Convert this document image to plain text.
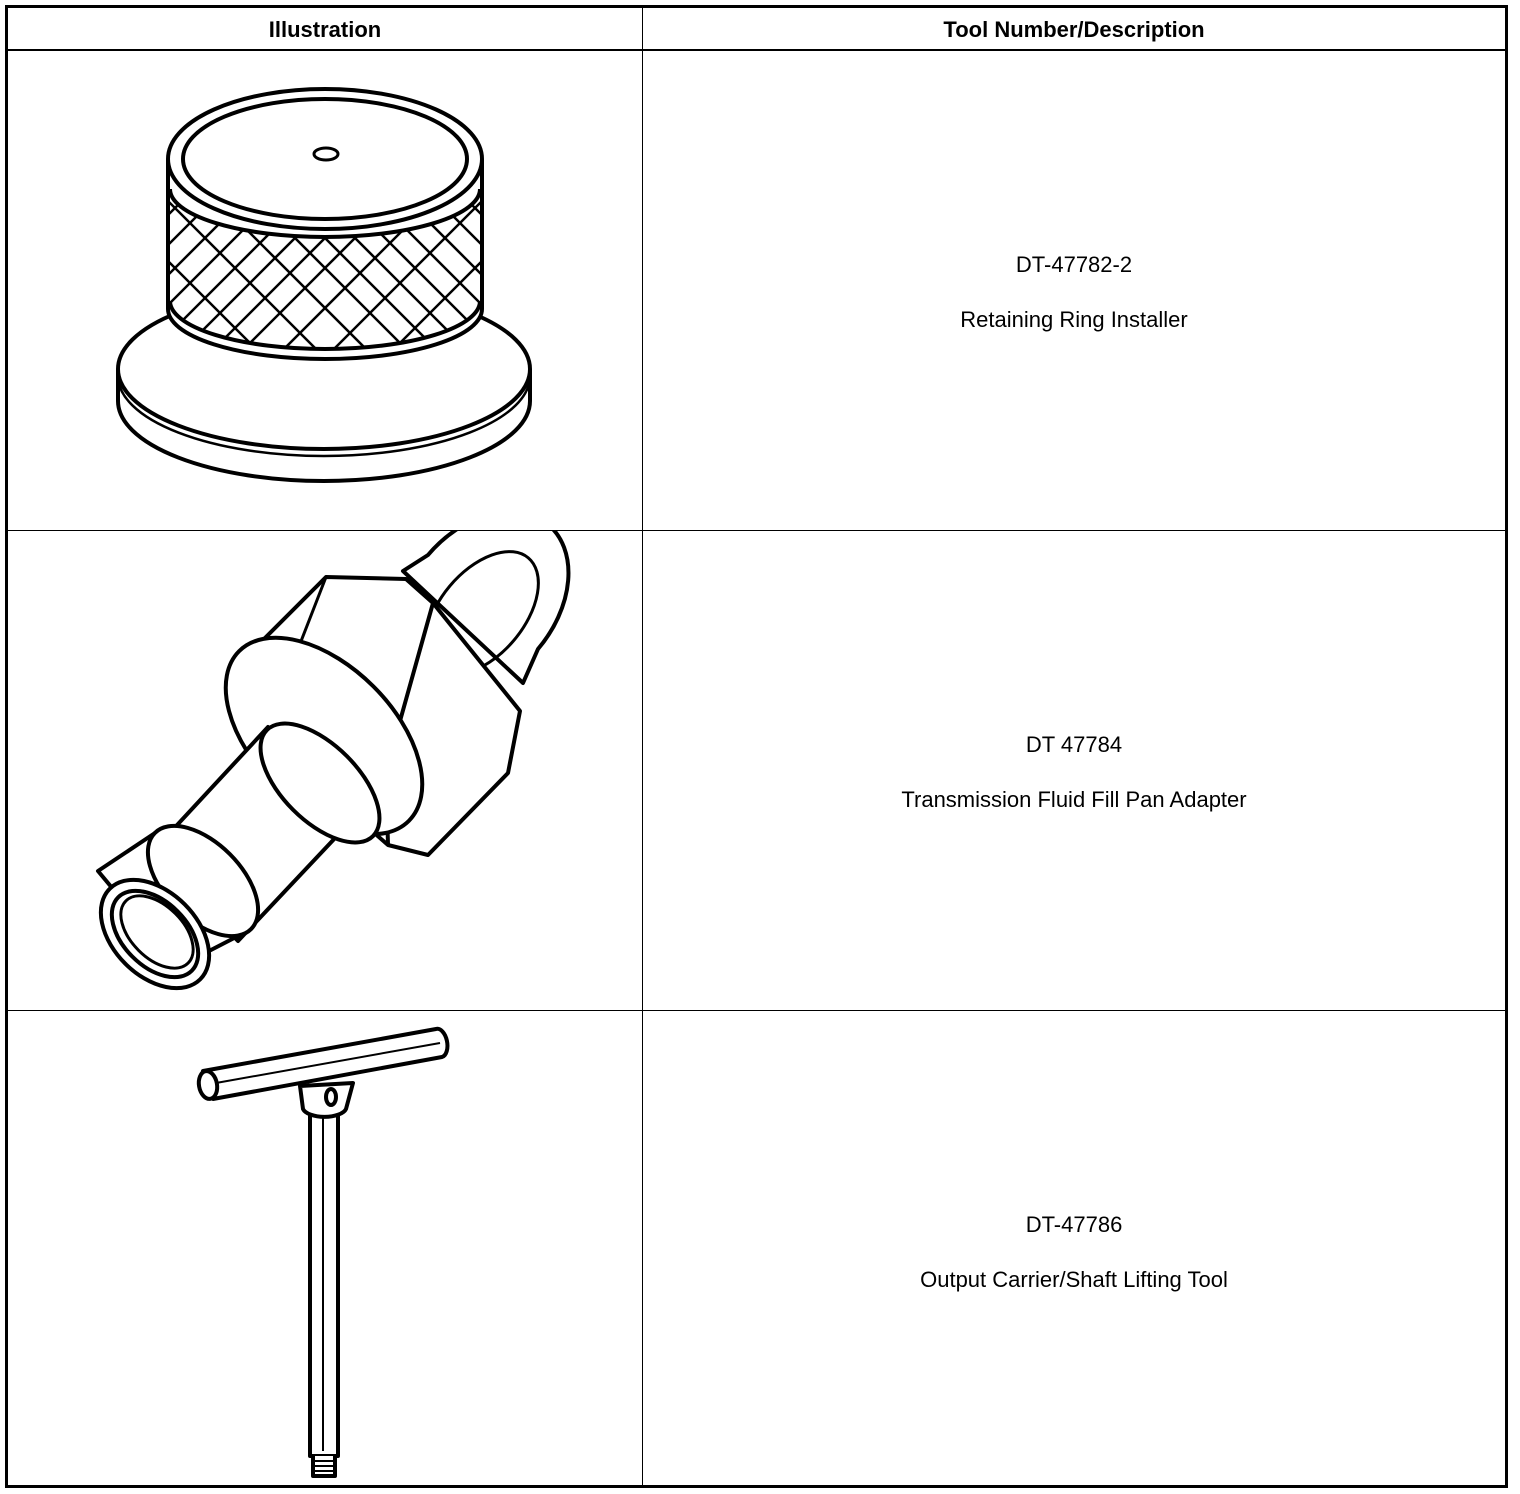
Illustration	Tool Number/Description
DT-47782-2
Retaining Ring Installer
DT 47784
Transmission Fluid Fill Pan Adapter
DT-47786
Output Carrier/Shaft Lifting Tool
